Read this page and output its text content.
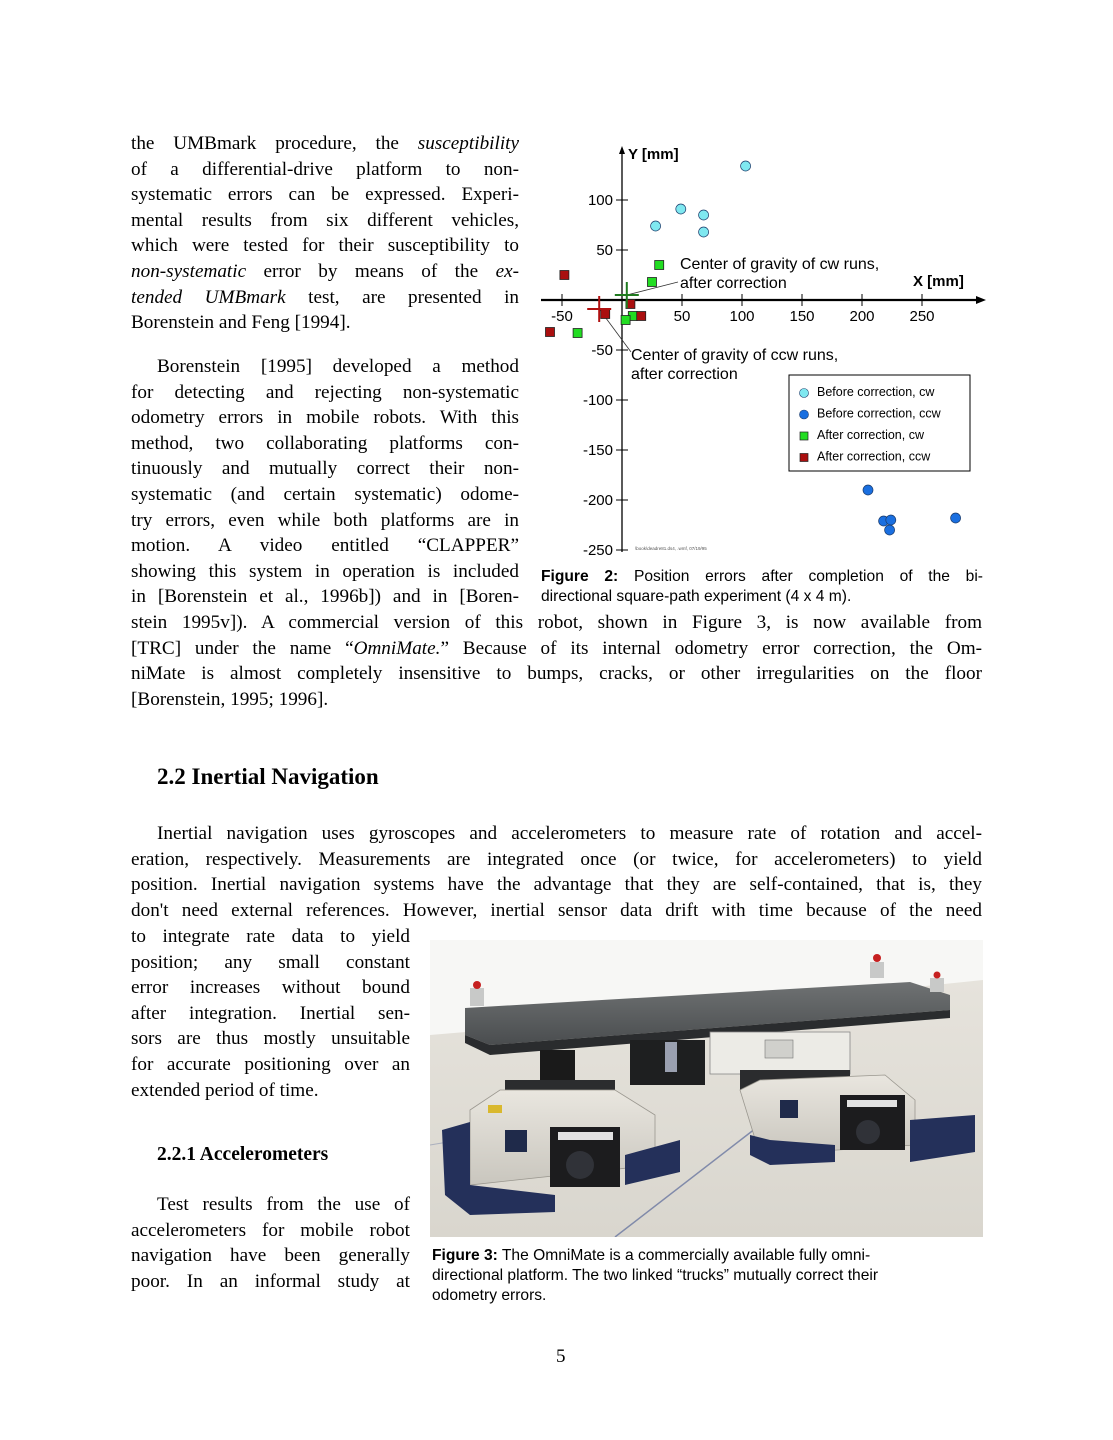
the UMBmark procedure, the susceptibility
of a differential-drive platform to non-
systematic errors can be expressed. Experi-
mental results from six different vehicles,
which were tested for their susceptibility to
non-systematic error by means of the ex-
tended UMBmark test, are presented in
Borenstein and Feng [1994].
Borenstein [1995] developed a method
for detecting and rejecting non-systematic
odometry errors in mobile robots. With this
method, two collaborating platforms con-
tinuously and mutually correct their non-
systematic (and certain systematic) odome-
try errors, even while both platforms are in
motion. A video entitled “CLAPPER”
showing this system in operation is included
in [Borenstein et al., 1996b]) and in [Boren-
stein 1995v]). A commercial version of this robot, shown in Figure 3, is now available from
[TRC] under the name “OmniMate.” Because of its internal odometry error correction, the Om-
niMate is almost completely insensitive to bumps, cracks, or other irregularities on the floor
[Borenstein, 1995; 1996].
Y [mm]
X [mm]
-50	50	100 150 200 250
100
50
-50
-100
-150
-200
-250
Center of gravity of cw runs,
after correction
Center of gravity of ccw runs,
after correction
Before correction, cw
Before correction, ccw
After correction, cw
After correction, ccw
\book\deadre81.ds4, .wmf, 07/19/95
Figure 2: Position errors after completion of the bi-
directional square-path experiment (4 x 4 m).
2.2 Inertial Navigation
Inertial navigation uses gyroscopes and accelerometers to measure rate of rotation and accel-
eration, respectively. Measurements are integrated once (or twice, for accelerometers) to yield
position. Inertial navigation systems have the advantage that they are self-contained, that is, they
don't need external references. However, inertial sensor data drift with time because of the need
to integrate rate data to yield
position; any small constant
error increases without bound
after integration. Inertial sen-
sors are thus mostly unsuitable
for accurate positioning over an
extended period of time.
2.2.1 Accelerometers
Test results from the use of
accelerometers for mobile robot
navigation have been generally
poor. In an informal study at
Figure 3: The OmniMate is a commercially available fully omni-
directional platform. The two linked “trucks” mutually correct their
odometry errors.
5
